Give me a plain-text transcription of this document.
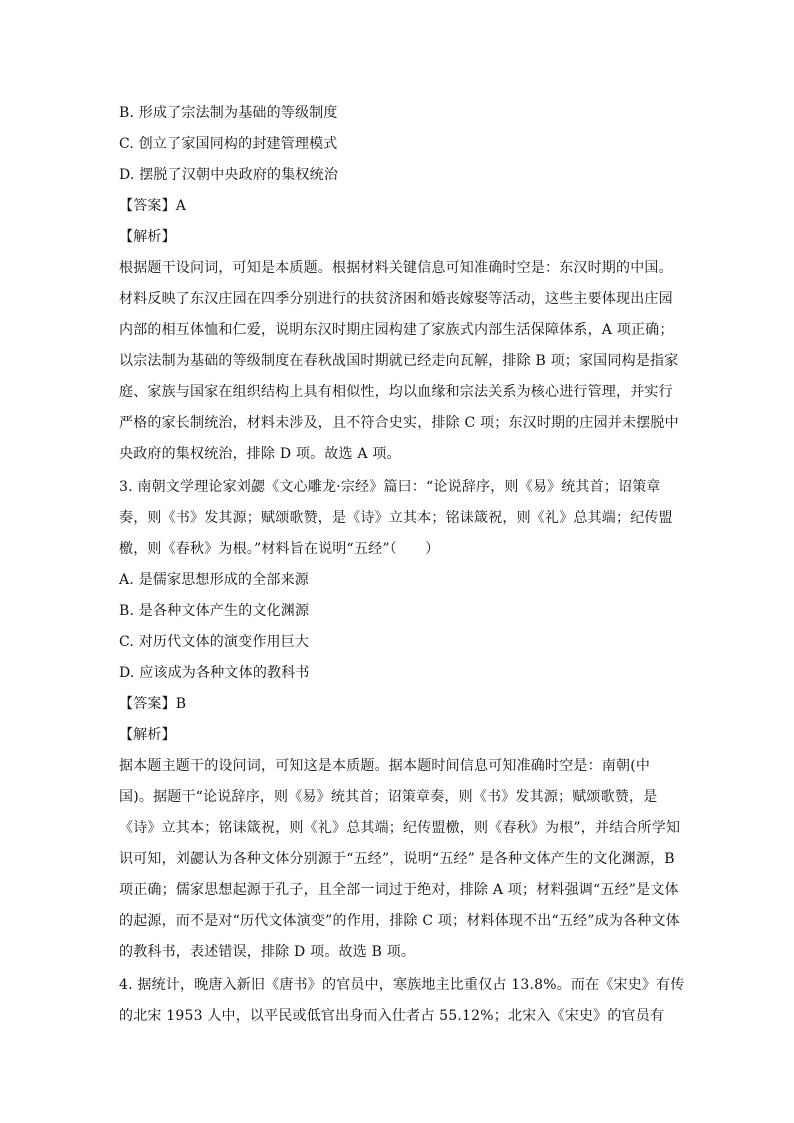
B. 形成了宗法制为基础的等级制度
C. 创立了家国同构的封建管理模式
D. 摆脱了汉朝中央政府的集权统治
【答案】A
【解析】
根据题干设问词，可知是本质题。根据材料关键信息可知准确时空是：东汉时期的中国。
材料反映了东汉庄园在四季分别进行的扶贫济困和婚丧嫁娶等活动，这些主要体现出庄园
内部的相互体恤和仁爱，说明东汉时期庄园构建了家族式内部生活保障体系，A 项正确；
以宗法制为基础的等级制度在春秋战国时期就已经走向瓦解，排除 B 项；家国同构是指家
庭、家族与国家在组织结构上具有相似性，均以血缘和宗法关系为核心进行管理，并实行
严格的家长制统治，材料未涉及，且不符合史实，排除 C 项；东汉时期的庄园并未摆脱中
央政府的集权统治，排除 D 项。故选 A 项。
3. 南朝文学理论家刘勰《文心雕龙·宗经》篇曰：“论说辞序，则《易》统其首；诏策章
奏，则《书》发其源；赋颂歌赞，是《诗》立其本；铭诔箴祝，则《礼》总其端；纪传盟
檄，则《春秋》为根。”材料旨在说明“五经”（　　）
A. 是儒家思想形成的全部来源
B. 是各种文体产生的文化渊源
C. 对历代文体的演变作用巨大
D. 应该成为各种文体的教科书
【答案】B
【解析】
据本题主题干的设问词，可知这是本质题。据本题时间信息可知准确时空是：南朝(中
国)。据题干“论说辞序，则《易》统其首；诏策章奏，则《书》发其源；赋颂歌赞，是
《诗》立其本；铭诔箴祝，则《礼》总其端；纪传盟檄，则《春秋》为根”，并结合所学知
识可知，刘勰认为各种文体分别源于“五经”，说明“五经” 是各种文体产生的文化渊源，B
项正确；儒家思想起源于孔子，且全部一词过于绝对，排除 A 项；材料强调“五经”是文体
的起源，而不是对“历代文体演变”的作用，排除 C 项；材料体现不出“五经”成为各种文体
的教科书，表述错误，排除 D 项。故选 B 项。
4. 据统计，晚唐入新旧《唐书》的官员中，寒族地主比重仅占 13.8%。而在《宋史》有传
的北宋 1953 人中，以平民或低官出身而入仕者占 55.12%；北宋入《宋史》的官员有
